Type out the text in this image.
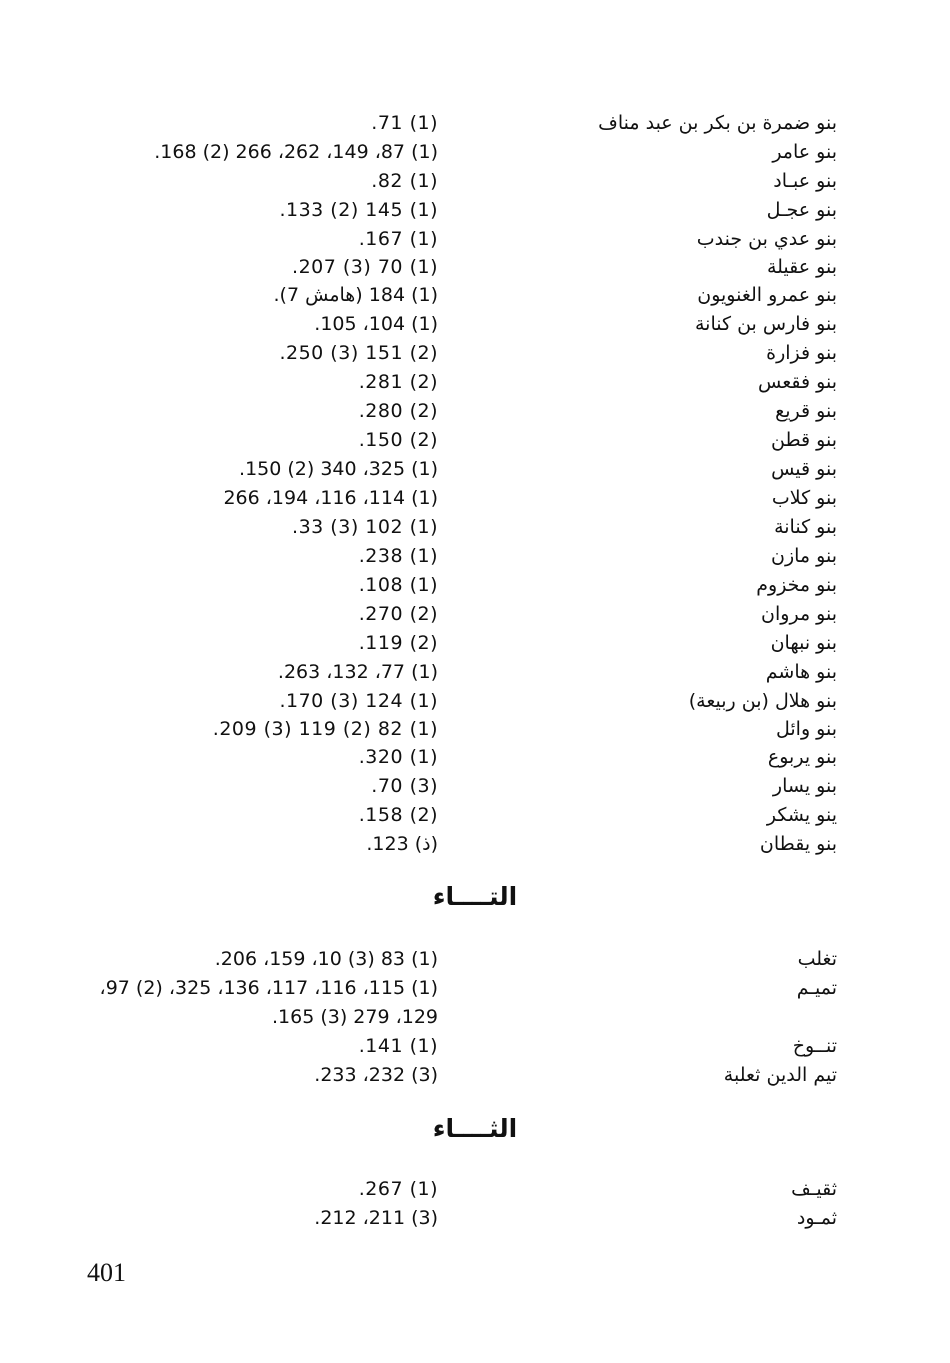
بنو ضمرة بن بكر بن عبد مناف
(1) 71.
بنو عامر
(1) 87، 149، 262، 266 (2) 168.
بنو عبـاد
(1) 82.
بنو عجـل
(1) 145 (2) 133.
بنو عدي بن جندب
(1) 167.
بنو عقيلة
(1) 70 (3) 207.
بنو عمرو الغنويون
(1) 184 (هامش 7).
بنو فارس بن كنانة
(1) 104، 105.
بنو فزارة
(2) 151 (3) 250.
بنو فقعس
(2) 281.
بنو قريع
(2) 280.
بنو قطن
(2) 150.
بنو قيس
(1) 325، 340 (2) 150.
بنو كلاب
(1) 114، 116، 194، 266
بنو كنانة
(1) 102 (3) 33.
بنو مازن
(1) 238.
بنو مخزوم
(1) 108.
بنو مروان
(2) 270.
بنو نبهان
(2) 119.
بنو هاشم
(1) 77، 132، 263.
بنو هلال (بن ربيعة)
(1) 124 (3) 170.
بنو وائل
(1) 82 (2) 119 (3) 209.
بنو يربوع
(1) 320.
بنو يسار
(3) 70.
ينو يشكر
(2) 158.
بنو يقطان
(ذ) 123.
التــــاء
تغلب
(1) 83 (3) 10، 159، 206.
تميـم
(1) 115، 116، 117، 136، 325، (2) 97،
129، 279 (3) 165.
تنــوخ
(1) 141.
تيم الدين ثعلبة
(3) 232، 233.
الثــــاء
ثقيـف
(1) 267.
ثمـود
(3) 211، 212.
401
